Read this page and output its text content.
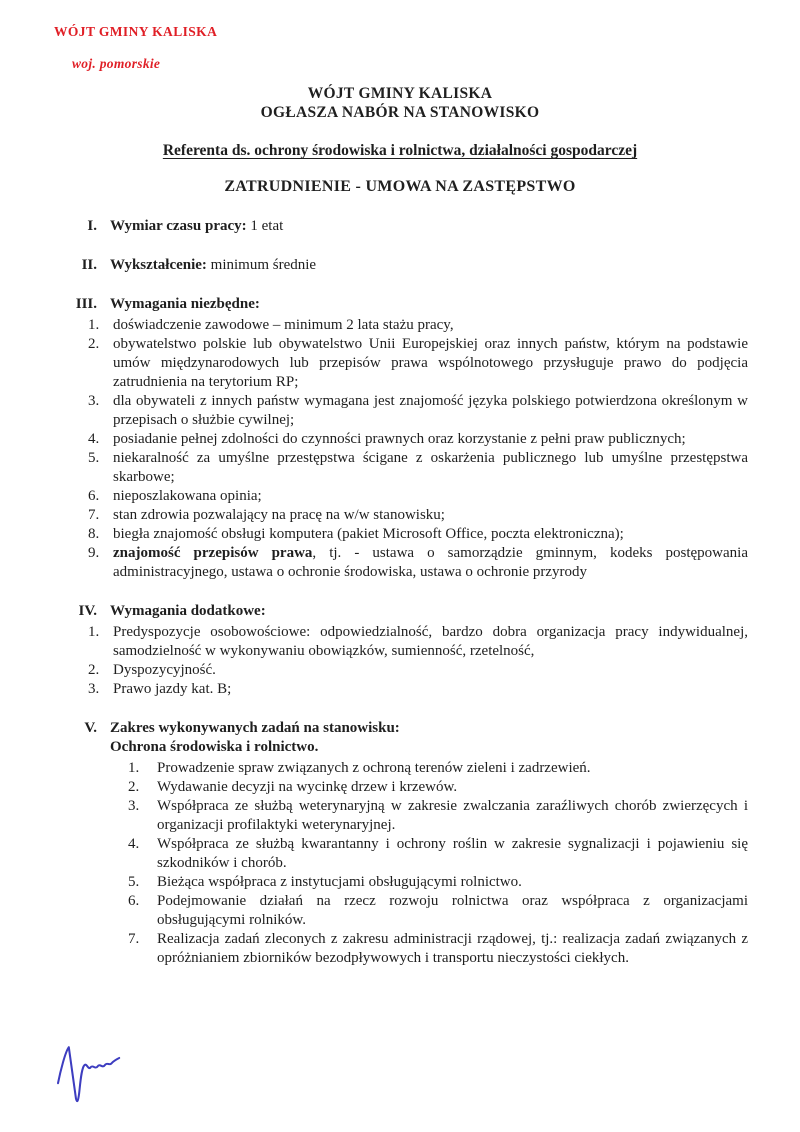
WÓJT GMINY KALISKA
woj. pomorskie
WÓJT GMINY KALISKA
OGŁASZA NABÓR NA STANOWISKO
Referenta ds. ochrony środowiska i rolnictwa, działalności gospodarczej
ZATRUDNIENIE - UMOWA NA ZASTĘPSTWO
I. Wymiar czasu pracy: 1 etat
II. Wykształcenie: minimum średnie
III. Wymagania niezbędne:
1. doświadczenie zawodowe – minimum 2 lata stażu pracy,
2. obywatelstwo polskie lub obywatelstwo Unii Europejskiej oraz innych państw, którym na podstawie umów międzynarodowych lub przepisów prawa wspólnotowego przysługuje prawo do podjęcia zatrudnienia na terytorium RP;
3. dla obywateli z innych państw wymagana jest znajomość języka polskiego potwierdzona określonym w przepisach o służbie cywilnej;
4. posiadanie pełnej zdolności do czynności prawnych oraz korzystanie z pełni praw publicznych;
5. niekaralność za umyślne przestępstwa ścigane z oskarżenia publicznego lub umyślne przestępstwa skarbowe;
6. nieposzlakowana opinia;
7. stan zdrowia pozwalający na pracę na w/w stanowisku;
8. biegła znajomość obsługi komputera (pakiet Microsoft Office, poczta elektroniczna);
9. znajomość przepisów prawa, tj. - ustawa o samorządzie gminnym, kodeks postępowania administracyjnego, ustawa o ochronie środowiska, ustawa o ochronie przyrody
IV. Wymagania dodatkowe:
1. Predyspozycje osobowościowe: odpowiedzialność, bardzo dobra organizacja pracy indywidualnej, samodzielność w wykonywaniu obowiązków, sumienność, rzetelność,
2. Dyspozycyjność.
3. Prawo jazdy kat. B;
V. Zakres wykonywanych zadań na stanowisku:
Ochrona środowiska i rolnictwo.
1.	Prowadzenie spraw związanych z ochroną terenów zieleni i zadrzewień.
2.	Wydawanie decyzji na wycinkę drzew i krzewów.
3.	Współpraca ze służbą weterynaryjną w zakresie zwalczania zaraźliwych chorób zwierzęcych i organizacji profilaktyki weterynaryjnej.
4.	Współpraca ze służbą kwarantanny i ochrony roślin w zakresie sygnalizacji i pojawieniu się szkodników i chorób.
5.	Bieżąca współpraca z instytucjami obsługującymi rolnictwo.
6.	Podejmowanie działań na rzecz rozwoju rolnictwa oraz współpraca z organizacjami obsługującymi rolników.
7.	Realizacja zadań zleconych z zakresu administracji rządowej, tj.: realizacja zadań związanych z opróżnianiem zbiorników bezodpływowych i transportu nieczystości ciekłych.
